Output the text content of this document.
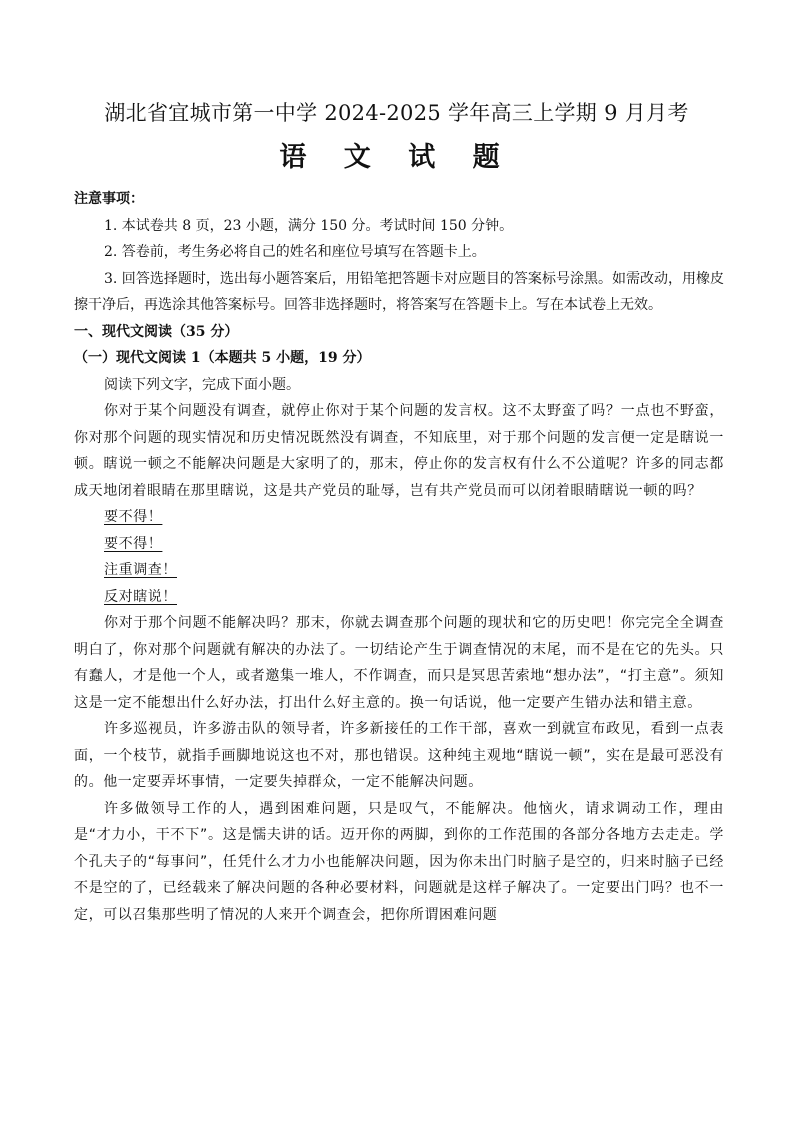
湖北省宜城市第一中学 2024-2025 学年高三上学期 9 月月考
语 文 试 题

注意事项：

1. 本试卷共 8 页，23 小题，满分 150 分。考试时间 150 分钟。

2. 答卷前，考生务必将自己的姓名和座位号填写在答题卡上。

3. 回答选择题时，选出每小题答案后，用铅笔把答题卡对应题目的答案标号涂黑。如需改动，用橡皮擦干净后，再选涂其他答案标号。回答非选择题时，将答案写在答题卡上。写在本试卷上无效。

一、现代文阅读（35 分）

（一）现代文阅读 1（本题共 5 小题，19 分）

阅读下列文字，完成下面小题。

你对于某个问题没有调查，就停止你对于某个问题的发言权。这不太野蛮了吗？一点也不野蛮，你对那个问题的现实情况和历史情况既然没有调查，不知底里，对于那个问题的发言便一定是瞎说一顿。瞎说一顿之不能解决问题是大家明了的，那末，停止你的发言权有什么不公道呢？许多的同志都成天地闭着眼睛在那里瞎说，这是共产党员的耻辱，岂有共产党员而可以闭着眼睛瞎说一顿的吗？

要不得！

要不得！

注重调查！

反对瞎说！

你对于那个问题不能解决吗？那末，你就去调查那个问题的现状和它的历史吧！你完完全全调查明白了，你对那个问题就有解决的办法了。一切结论产生于调查情况的末尾，而不是在它的先头。只有蠢人，才是他一个人，或者邀集一堆人，不作调查，而只是冥思苦索地“想办法”，“打主意”。须知这是一定不能想出什么好办法，打出什么好主意的。换一句话说，他一定要产生错办法和错主意。

许多巡视员，许多游击队的领导者，许多新接任的工作干部，喜欢一到就宣布政见，看到一点表面，一个枝节，就指手画脚地说这也不对，那也错误。这种纯主观地“瞎说一顿”，实在是最可恶没有的。他一定要弄坏事情，一定要失掉群众，一定不能解决问题。

许多做领导工作的人，遇到困难问题，只是叹气，不能解决。他恼火，请求调动工作，理由是“才力小，干不下”。这是懦夫讲的话。迈开你的两脚，到你的工作范围的各部分各地方去走走。学个孔夫子的“每事问”，任凭什么才力小也能解决问题，因为你未出门时脑子是空的，归来时脑子已经不是空的了，已经载来了解决问题的各种必要材料，问题就是这样子解决了。一定要出门吗？也不一定，可以召集那些明了情况的人来开个调查会，把你所谓困难问题
